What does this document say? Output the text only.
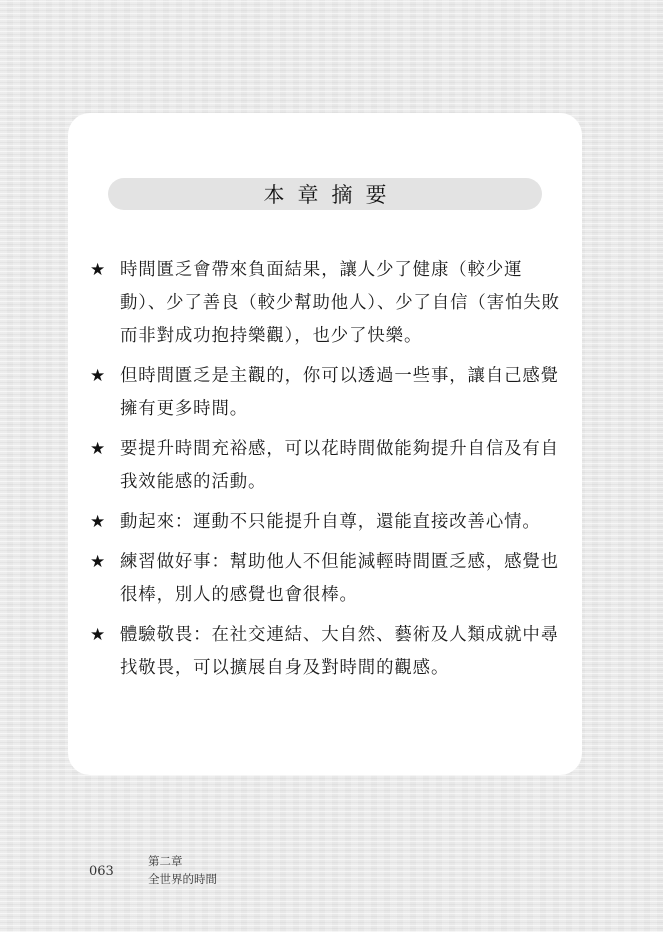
本章摘要
★ 時間匱乏會帶來負面結果，讓人少了健康（較少運動）、少了善良（較少幫助他人）、少了自信（害怕失敗而非對成功抱持樂觀），也少了快樂。
★ 但時間匱乏是主觀的，你可以透過一些事，讓自己感覺擁有更多時間。
★ 要提升時間充裕感，可以花時間做能夠提升自信及有自我效能感的活動。
★ 動起來：運動不只能提升自尊，還能直接改善心情。
★ 練習做好事：幫助他人不但能減輕時間匱乏感，感覺也很棒，別人的感覺也會很棒。
★ 體驗敬畏：在社交連結、大自然、藝術及人類成就中尋找敬畏，可以擴展自身及對時間的觀感。
063
第二章
全世界的時間
